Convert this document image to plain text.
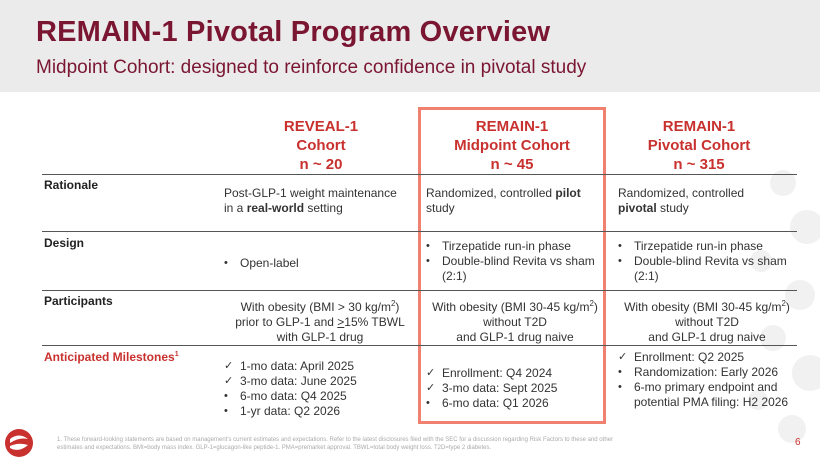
REMAIN-1 Pivotal Program Overview
Midpoint Cohort: designed to reinforce confidence in pivotal study
REVEAL-1
Cohort
n ~ 20
REMAIN-1
Midpoint Cohort
n ~ 45
REMAIN-1
Pivotal Cohort
n ~ 315
Rationale
Post-GLP-1 weight maintenance
in a real-world setting
Randomized, controlled pilot
study
Randomized, controlled
pivotal study
Design
• Open-label
• Tirzepatide run-in phase
• Double-blind Revita vs sham (2:1)
• Tirzepatide run-in phase
• Double-blind Revita vs sham (2:1)
Participants	With obesity (BMI > 30 $kg/m^2$)
prior to GLP-1 and >15% TBWL
with GLP-1 drug
With obesity (BMI 30-45 $kg/m^2$)
without T2D
and GLP-1 drug naive
With obesity (BMI 30-45 $kg/m^2$)
without T2D
and GLP-1 drug naive
Anticipated Milestones$^1$
✓ 1-mo data: April 2025
✓ 3-mo data: June 2025
• 6-mo data: Q4 2025
• 1-yr data: Q2 2026
✓ Enrollment: Q4 2024
✓ 3-mo data: Sept 2025
• 6-mo data: Q1 2026
✓ Enrollment: Q2 2025
• Randomization: Early 2026
• 6-mo primary endpoint and potential PMA filing: H2 2026
1. These forward-looking statements are based on management's current estimates and expectations. Refer to the latest disclosures filed with the SEC for a discussion regarding Risk Factors to these and other estimates and expectations. BMI=body mass index. GLP-1=glucagon-like peptide-1. PMA=premarket approval. TBWL=total body weight loss. T2D=type 2 diabetes.	6
